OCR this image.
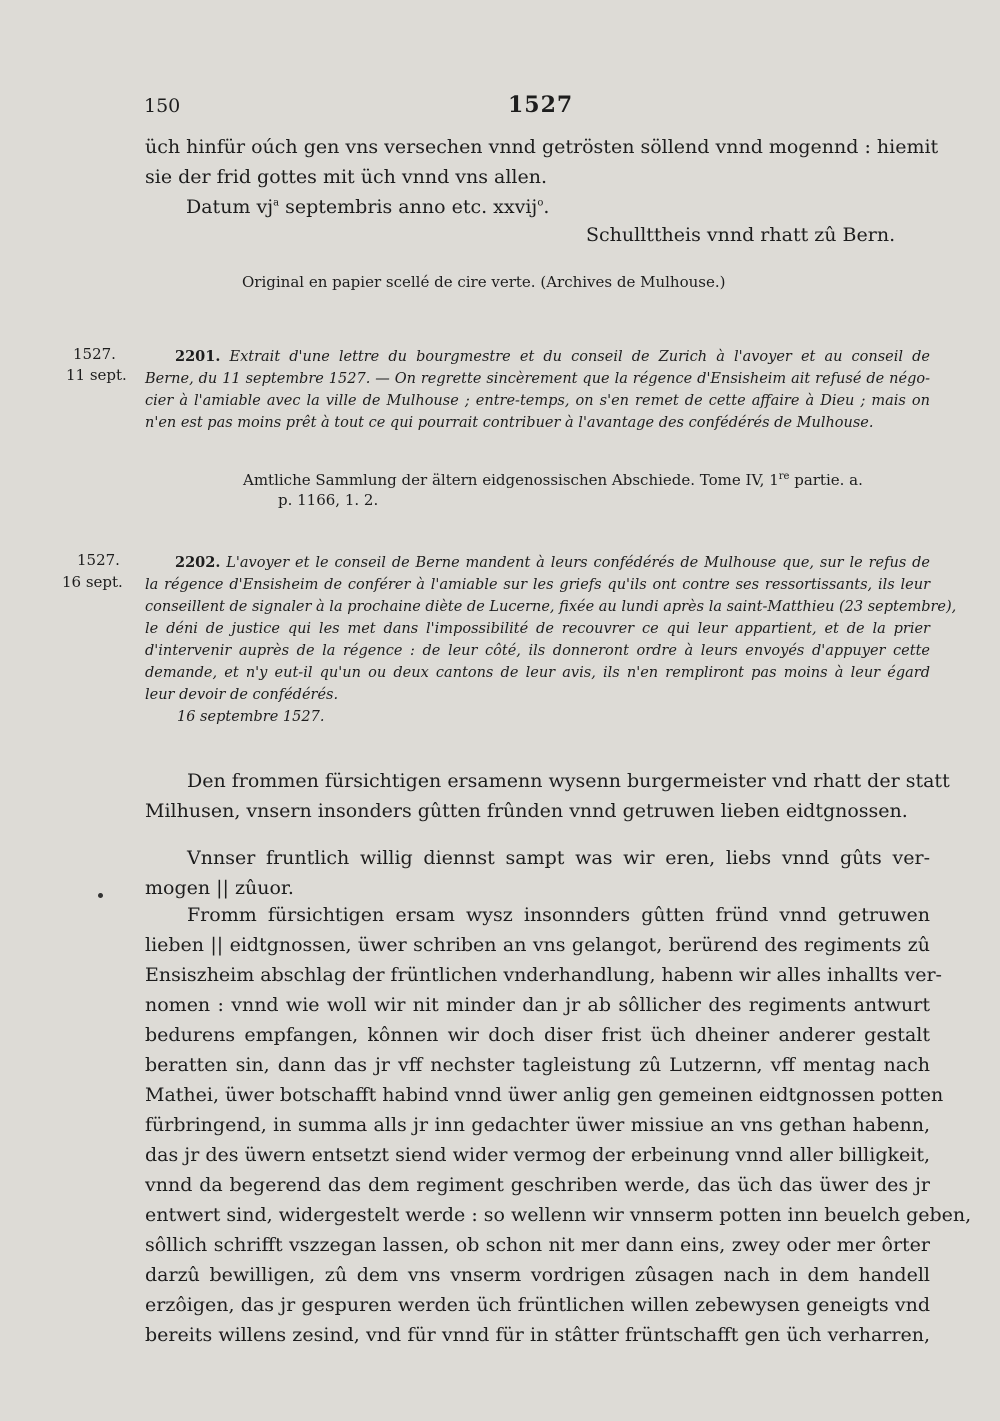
150	1527
üch hinfür oúch gen vns versechen vnnd getrösten söllend vnnd mogennd : hiemit
sie der frid gottes mit üch vnnd vns allen.
Datum $vj^a$ septembris anno etc. xxvij$^o$.
Schullttheis vnnd rhatt zû Bern.
Original en papier scellé de cire verte. (Archives de Mulhouse.)
1527.
11 sept.
2201. Extrait d'une lettre du bourgmestre et du conseil de Zurich à l'avoyer et au conseil de
Berne, du 11 septembre 1527. — On regrette sincèrement que la régence d'Ensisheim ait refusé de négo-
cier à l'amiable avec la ville de Mulhouse ; entre-temps, on s'en remet de cette affaire à Dieu ; mais on
n'en est pas moins prêt à tout ce qui pourrait contribuer à l'avantage des confédérés de Mulhouse.
Amtliche Sammlung der ältern eidgenossischen Abschiede. Tome IV, 1re partie. a.
p. 1166, 1. 2.
1527.
16 sept.
2202. L'avoyer et le conseil de Berne mandent à leurs confédérés de Mulhouse que, sur le refus de
la régence d'Ensisheim de conférer à l'amiable sur les griefs qu'ils ont contre ses ressortissants, ils leur
conseillent de signaler à la prochaine diète de Lucerne, fixée au lundi après la saint-Matthieu (23 septembre),
le déni de justice qui les met dans l'impossibilité de recouvrer ce qui leur appartient, et de la prier
d'intervenir auprès de la régence : de leur côté, ils donneront ordre à leurs envoyés d'appuyer cette
demande, et n'y eut-il qu'un ou deux cantons de leur avis, ils n'en rempliront pas moins à leur égard
leur devoir de confédérés.
16 septembre 1527.
Den frommen fürsichtigen ersamenn wysenn burgermeister vnd rhatt der statt
Milhusen, vnsern insonders gûtten frûnden vnnd getruwen lieben eidtgnossen.
Vnnser fruntlich willig diennst sampt was wir eren, liebs vnnd gûts ver-
mogen || zûuor.
Fromm fürsichtigen ersam wysz insonnders gûtten fründ vnnd getruwen
lieben || eidtgnossen, üwer schriben an vns gelangot, berürend des regiments zû
Ensiszheim abschlag der früntlichen vnderhandlung, habenn wir alles inhallts ver-
nomen : vnnd wie woll wir nit minder dan jr ab sôllicher des regiments antwurt
bedurens empfangen, kônnen wir doch diser frist üch dheiner anderer gestalt
beratten sin, dann das jr vff nechster tagleistung zû Lutzernn, vff mentag nach
Mathei, üwer botschafft habind vnnd üwer anlig gen gemeinen eidtgnossen potten
fürbringend, in summa alls jr inn gedachter üwer missiue an vns gethan habenn,
das jr des üwern entsetzt siend wider vermog der erbeinung vnnd aller billigkeit,
vnnd da begerend das dem regiment geschriben werde, das üch das üwer des jr
entwert sind, widergestelt werde : so wellenn wir vnnserm potten inn beuelch geben,
sôllich schrifft vszzegan lassen, ob schon nit mer dann eins, zwey oder mer ôrter
darzû bewilligen, zû dem vns vnserm vordrigen zûsagen nach in dem handell
erzôigen, das jr gespuren werden üch früntlichen willen zebewysen geneigts vnd
bereits willens zesind, vnd für vnnd für in stâtter früntschafft gen üch verharren,
